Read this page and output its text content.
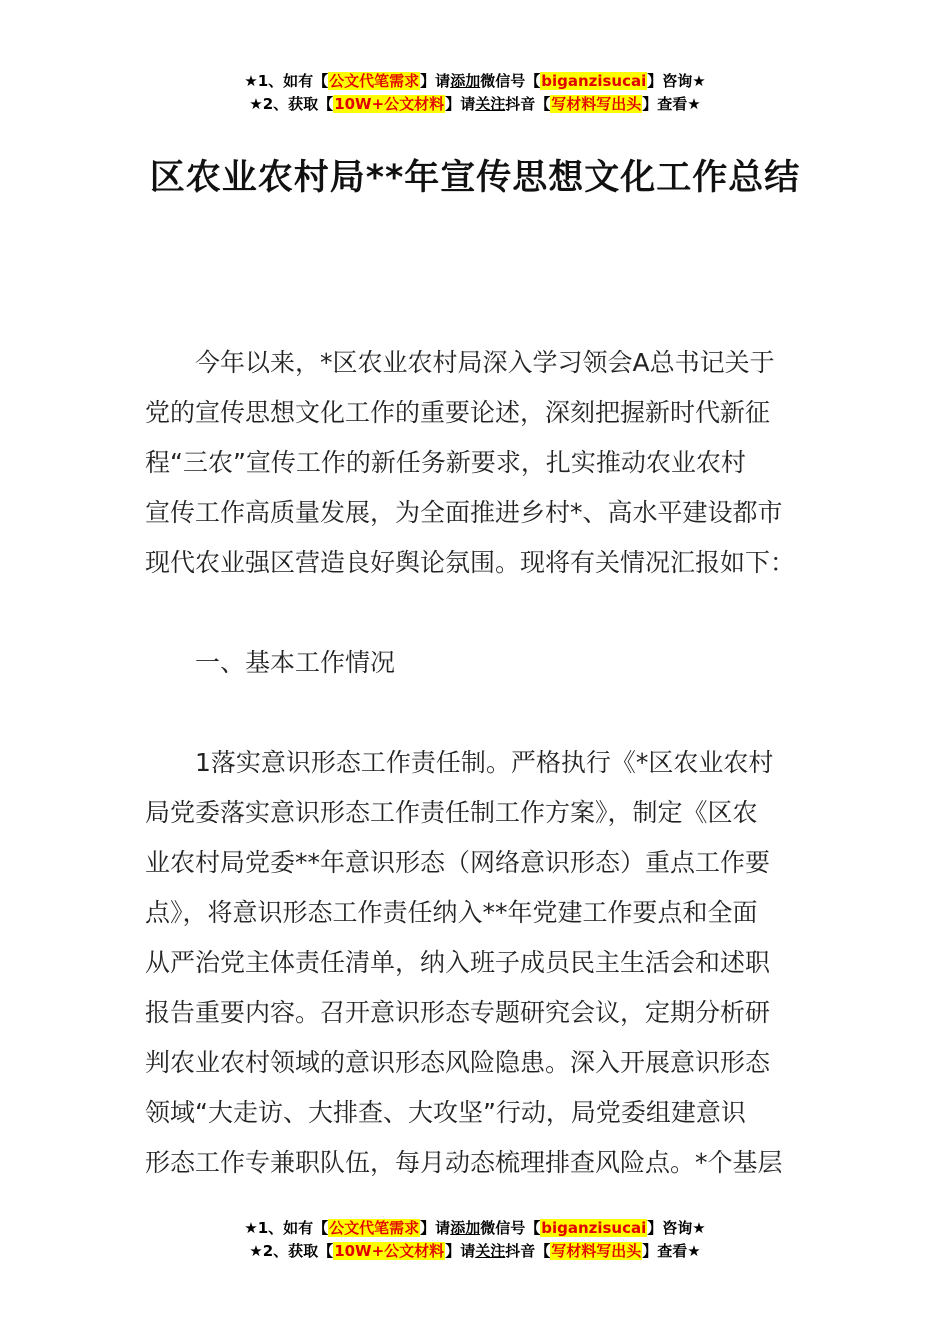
★1、如有【公文代笔需求】请添加微信号【biganzisucai】咨询★
★2、获取【10W+公文材料】请关注抖音【写材料写出头】查看★
区农业农村局**年宣传思想文化工作总结
　　今年以来，*区农业农村局深入学习领会A总书记关于
党的宣传思想文化工作的重要论述，深刻把握新时代新征
程“三农”宣传工作的新任务新要求，扎实推动农业农村
宣传工作高质量发展，为全面推进乡村*、高水平建设都市
现代农业强区营造良好舆论氛围。现将有关情况汇报如下：
　　一、基本工作情况
　　1落实意识形态工作责任制。严格执行《*区农业农村
局党委落实意识形态工作责任制工作方案》，制定《区农
业农村局党委**年意识形态（网络意识形态）重点工作要
点》，将意识形态工作责任纳入**年党建工作要点和全面
从严治党主体责任清单，纳入班子成员民主生活会和述职
报告重要内容。召开意识形态专题研究会议，定期分析研
判农业农村领域的意识形态风险隐患。深入开展意识形态
领域“大走访、大排查、大攻坚”行动，局党委组建意识
形态工作专兼职队伍，每月动态梳理排查风险点。*个基层
★1、如有【公文代笔需求】请添加微信号【biganzisucai】咨询★
★2、获取【10W+公文材料】请关注抖音【写材料写出头】查看★
